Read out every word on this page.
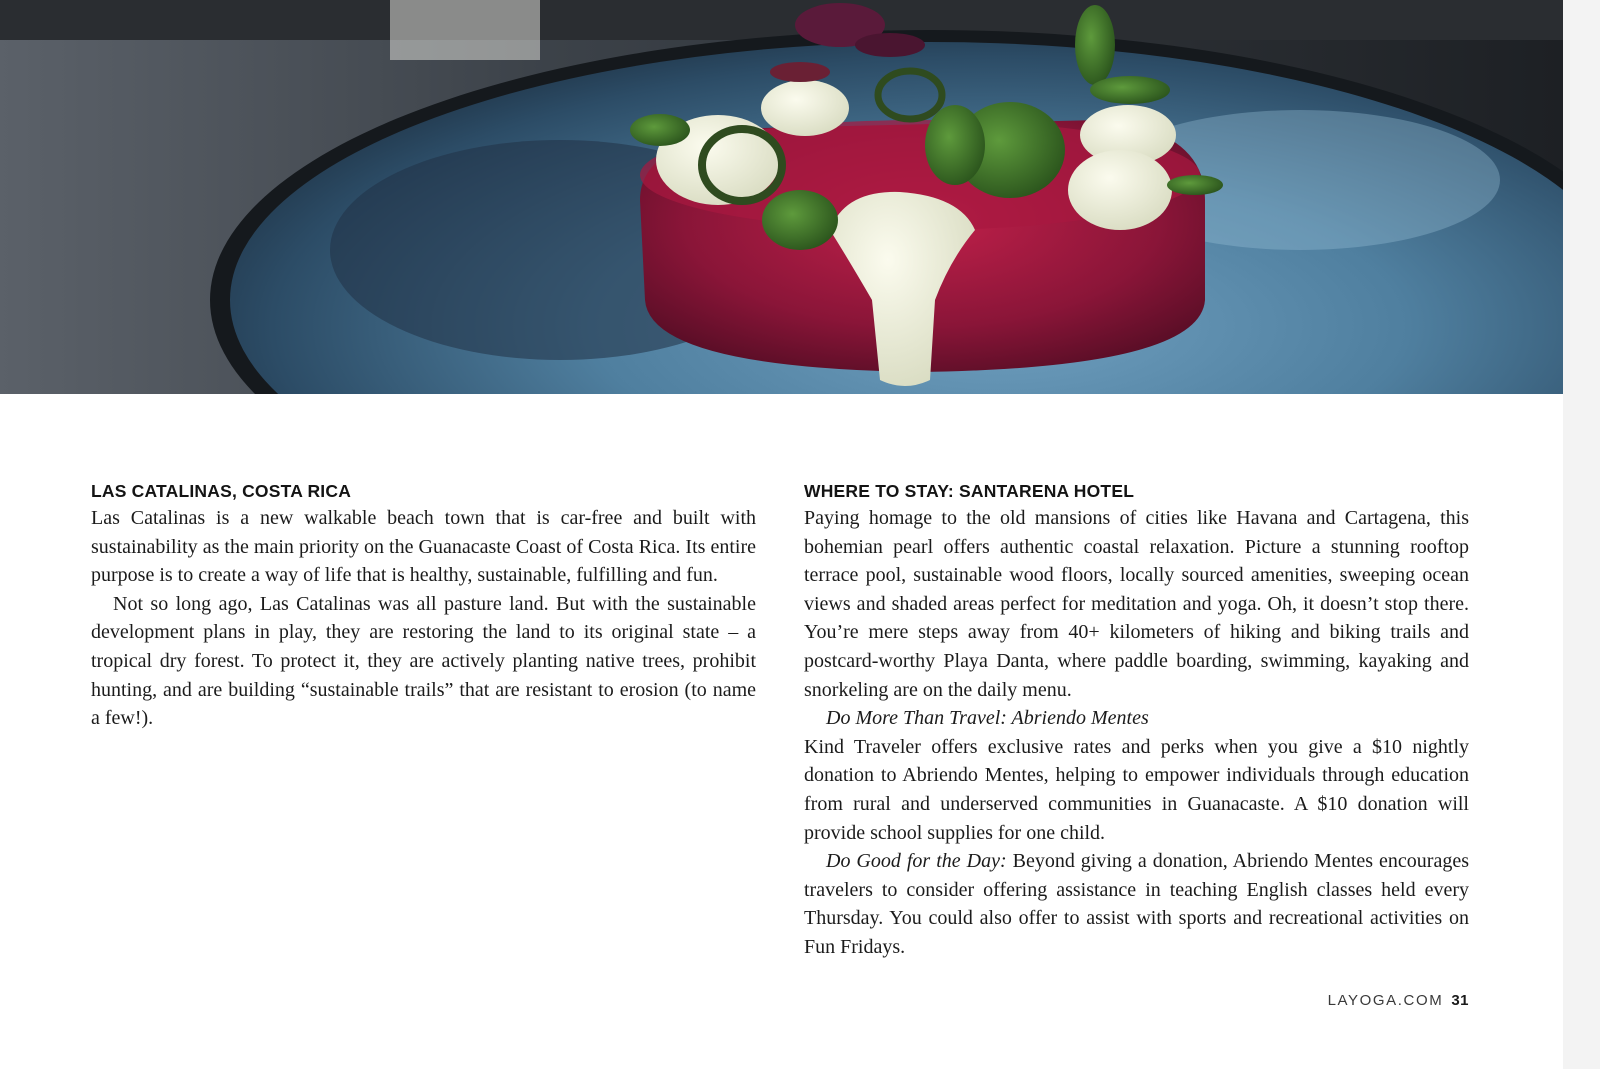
LAS CATALINAS, COSTA RICA

Las Catalinas is a new walkable beach town that is car-free and built with sustainability as the main priority on the Guanacaste Coast of Costa Rica. Its entire purpose is to create a way of life that is healthy, sustainable, fulfilling and fun.

Not so long ago, Las Catalinas was all pasture land. But with the sustainable development plans in play, they are restoring the land to its original state – a tropical dry forest. To protect it, they are actively planting native trees, prohibit hunting, and are building “sustainable trails” that are resistant to erosion (to name a few!).

WHERE TO STAY: SANTARENA HOTEL

Paying homage to the old mansions of cities like Havana and Cartagena, this bohemian pearl offers authentic coastal relaxation. Picture a stunning rooftop terrace pool, sustainable wood floors, locally sourced amenities, sweeping ocean views and shaded areas perfect for meditation and yoga. Oh, it doesn’t stop there. You’re mere steps away from 40+ kilometers of hiking and biking trails and postcard-worthy Playa Danta, where paddle boarding, swimming, kayaking and snorkeling are on the daily menu.

Do More Than Travel: Abriendo Mentes

Kind Traveler offers exclusive rates and perks when you give a $10 nightly donation to Abriendo Mentes, helping to empower individuals through education from rural and underserved communities in Guanacaste. A $10 donation will provide school supplies for one child.

Do Good for the Day: Beyond giving a donation, Abriendo Mentes encourages travelers to consider offering assistance in teaching English classes held every Thursday. You could also offer to assist with sports and recreational activities on Fun Fridays.

LAYOGA.COM 31
